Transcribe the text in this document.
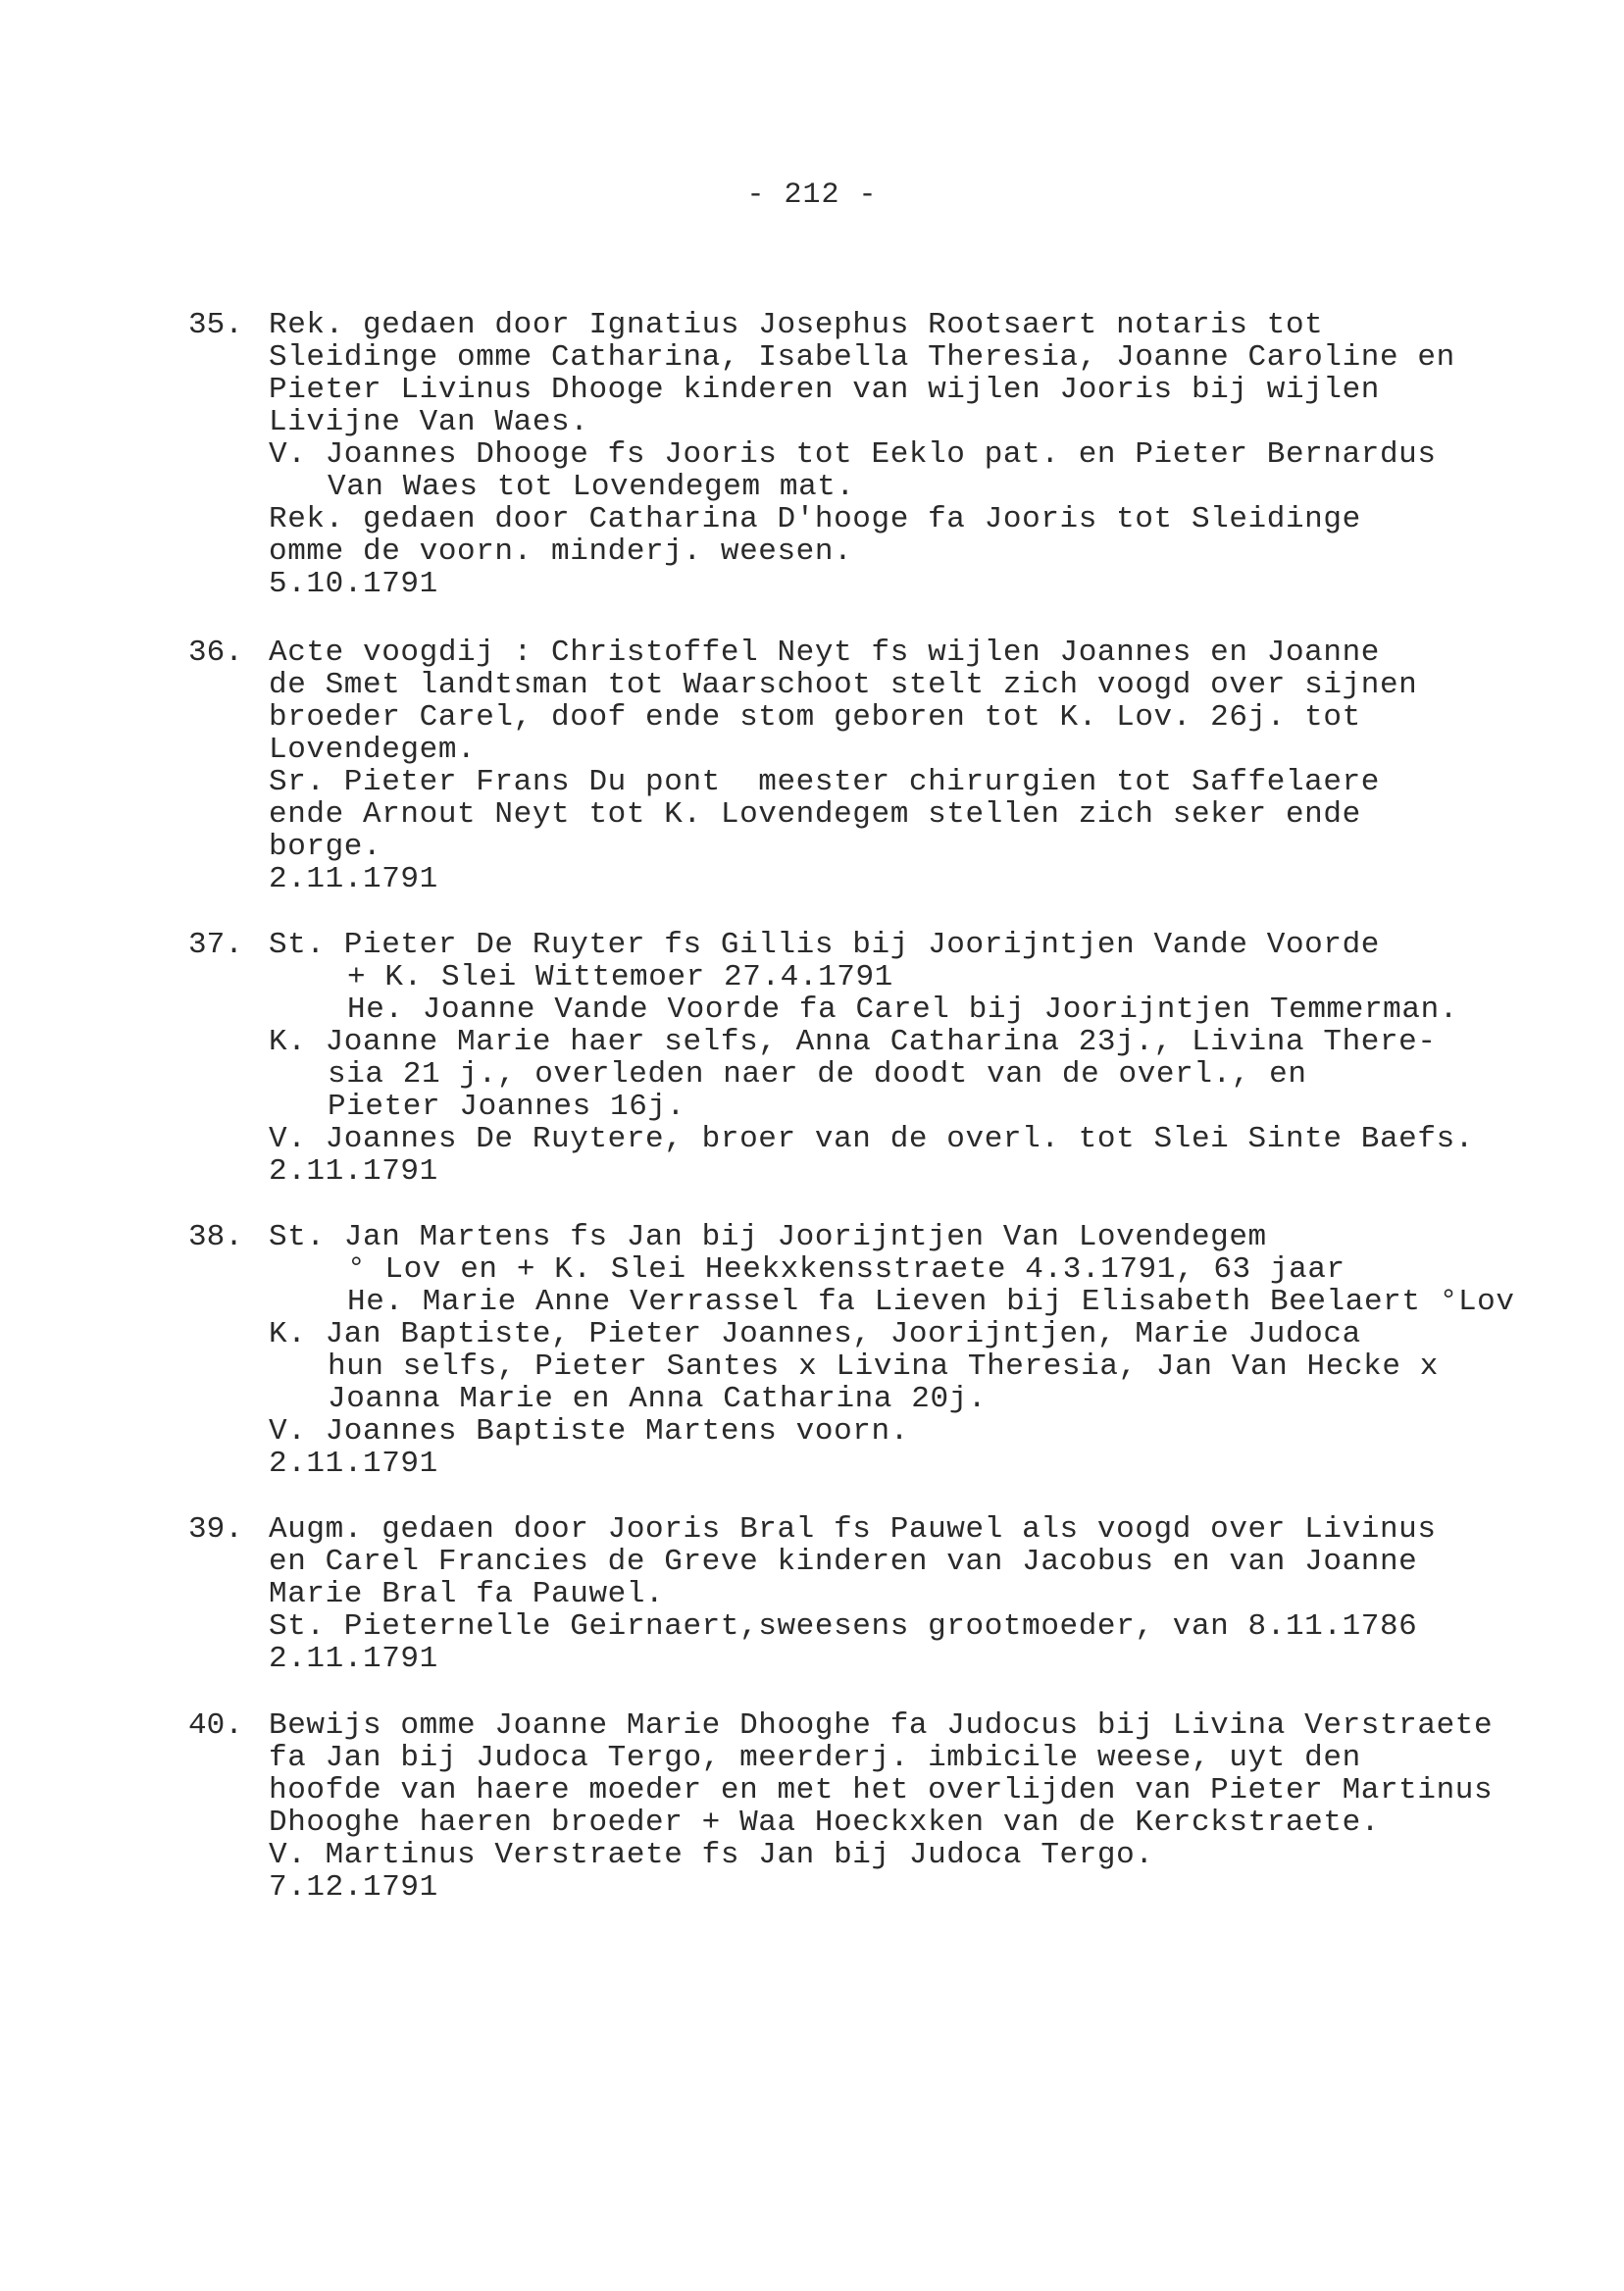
- 212 -
35. Rek. gedaen door Ignatius Josephus Rootsaert notaris tot
Sleidinge omme Catharina, Isabella Theresia, Joanne Caroline en
Pieter Livinus Dhooge kinderen van wijlen Jooris bij wijlen
Livijne Van Waes.
V. Joannes Dhooge fs Jooris tot Eeklo pat. en Pieter Bernardus
Van Waes tot Lovendegem mat.
Rek. gedaen door Catharina D'hooge fa Jooris tot Sleidinge
omme de voorn. minderj. weesen.
5.10.1791
36. Acte voogdij : Christoffel Neyt fs wijlen Joannes en Joanne
de Smet landtsman tot Waarschoot stelt zich voogd over sijnen
broeder Carel, doof ende stom geboren tot K. Lov. 26j. tot
Lovendegem.
Sr. Pieter Frans Du pont  meester chirurgien tot Saffelaere
ende Arnout Neyt tot K. Lovendegem stellen zich seker ende
borge.
2.11.1791
37. St. Pieter De Ruyter fs Gillis bij Joorijntjen Vande Voorde
+ K. Slei Wittemoer 27.4.1791
He. Joanne Vande Voorde fa Carel bij Joorijntjen Temmerman.
K. Joanne Marie haer selfs, Anna Catharina 23j., Livina There-
sia 21 j., overleden naer de doodt van de overl., en
Pieter Joannes 16j.
V. Joannes De Ruytere, broer van de overl. tot Slei Sinte Baefs.
2.11.1791
38. St. Jan Martens fs Jan bij Joorijntjen Van Lovendegem
° Lov en + K. Slei Heekxkensstraete 4.3.1791, 63 jaar
He. Marie Anne Verrassel fa Lieven bij Elisabeth Beelaert °Lov
K. Jan Baptiste, Pieter Joannes, Joorijntjen, Marie Judoca
hun selfs, Pieter Santes x Livina Theresia, Jan Van Hecke x
Joanna Marie en Anna Catharina 20j.
V. Joannes Baptiste Martens voorn.
2.11.1791
39. Augm. gedaen door Jooris Bral fs Pauwel als voogd over Livinus
en Carel Francies de Greve kinderen van Jacobus en van Joanne
Marie Bral fa Pauwel.
St. Pieternelle Geirnaert,sweesens grootmoeder, van 8.11.1786
2.11.1791
40. Bewijs omme Joanne Marie Dhooghe fa Judocus bij Livina Verstraete
fa Jan bij Judoca Tergo, meerderj. imbicile weese, uyt den
hoofde van haere moeder en met het overlijden van Pieter Martinus
Dhooghe haeren broeder + Waa Hoeckxken van de Kerckstraete.
V. Martinus Verstraete fs Jan bij Judoca Tergo.
7.12.1791
